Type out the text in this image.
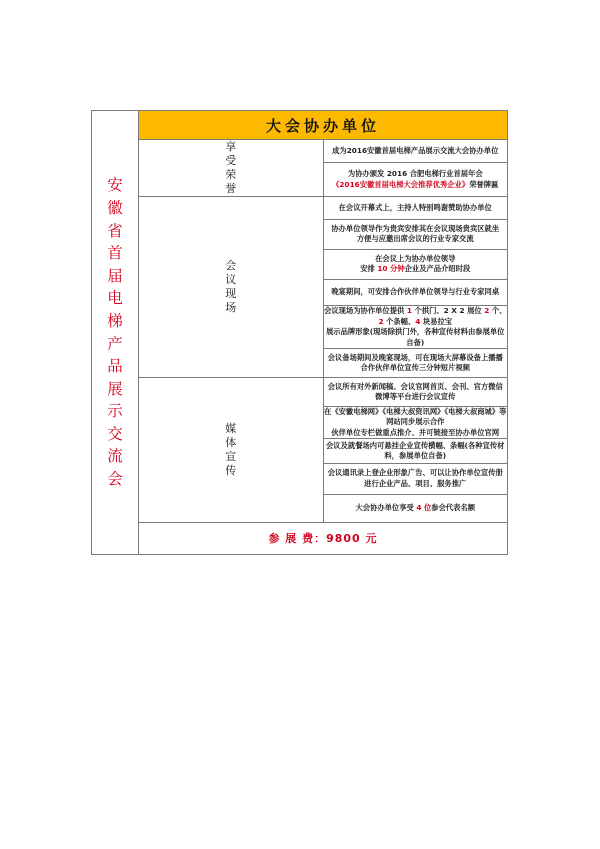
安徽省首届电梯产品展示交流会	大会协办单位	
	享受荣誉	成为2016安徽首届电梯产品展示交流大会协办单位

		为协办颁发 2016 合肥电梯行业首届年会
《2016安徽首届电梯大会推荐优秀企业》荣誉牌匾

	会议现场	在会议开幕式上，主持人特别鸣谢赞助协办单位

		协办单位领导作为贵宾安排其在会议现场贵宾区就坐
方便与应邀出席会议的行业专家交流

		在会议上为协办单位领导
安排 10 分钟企业及产品介绍时段

		晚宴期间，可安排合作伙伴单位领导与行业专家同桌

		会议现场为协作单位提供 1 个拱门、2 X 2 展位 2 个、2 个条幅、4 块易拉宝
展示品牌形象(现场除拱门外，各种宣传材料由参展单位自备)

		会议备场期间及晚宴现场，可在现场大屏幕设备上播播
合作伙伴单位宣传三分钟短片视频

	媒体宣传	会议所有对外新闻稿、会议官网首页、会刊、官方微信
微博等平台进行会议宣传

		在《安徽电梯网》《电梯大叔资讯网》《电梯大叔商城》等网站同步展示合作
伙伴单位专栏做重点推介、并可链接至协办单位官网

		会议及就餐场内可悬挂企业宣传横幅、条幅(各种宣传材料，参展单位自备)

		会议通讯录上登企业形象广告、可以让协作单位宣传册
进行企业产品、项目、服务推广

		大会协办单位享受 4 位参会代表名额

	参 展 费：9800 元	
